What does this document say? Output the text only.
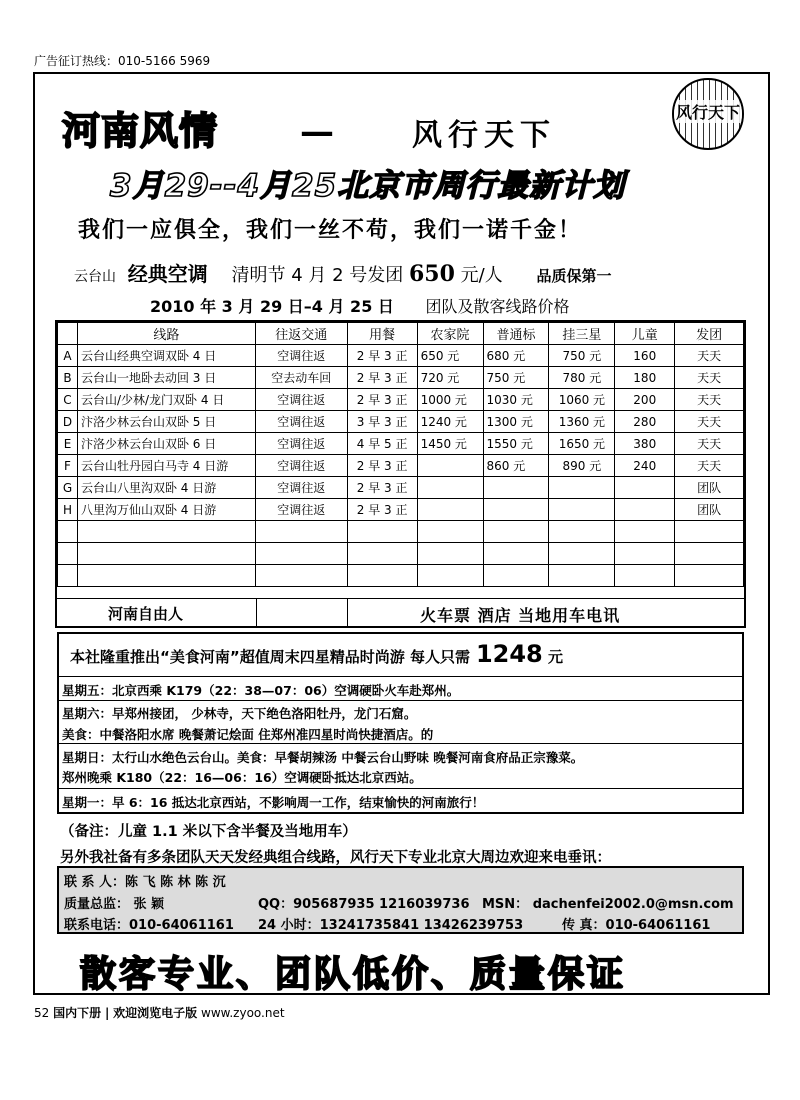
广告征订热线：010-5166 5969
河南风情 —	风行天下
风行天下
3月29--4月25北京市周行最新计划
我们一应俱全，我们一丝不苟，我们一诺千金！
云台山 经典空调 清明节 4 月 2 号发团 650 元/人 品质保第一
2010 年 3 月 29 日–4 月 25 日 团队及散客线路价格
	线路	往返交通	用餐	农家院	普通标	挂三星	儿童	发团
A	云台山经典空调双卧 4 日	空调往返	2 早 3 正	650 元	680 元	750 元	160	天天
B	云台山一地卧去动回 3 日	空去动车回	2 早 3 正	720 元	750 元	780 元	180	天天
C	云台山/少林/龙门双卧 4 日	空调往返	2 早 3 正	1000 元	1030 元	1060 元	200	天天
D	汴洛少林云台山双卧 5 日	空调往返	3 早 3 正	1240 元	1300 元	1360 元	280	天天
E	汴洛少林云台山双卧 6 日	空调往返	4 早 5 正	1450 元	1550 元	1650 元	380	天天
F	云台山牡丹园白马寺 4 日游	空调往返	2 早 3 正		860 元	890 元	240	天天
G	云台山八里沟双卧 4 日游	空调往返	2 早 3 正					团队
H	八里沟万仙山双卧 4 日游	空调往返	2 早 3 正					团队

河南自由人	火车票 酒店 当地用车电讯
本社隆重推出“美食河南”超值周末四星精品时尚游 每人只需 1248 元
星期五：北京西乘 K179（22：38—07：06）空调硬卧火车赴郑州。
星期六：早郑州接团， 少林寺，天下绝色洛阳牡丹，龙门石窟。
美食：中餐洛阳水席 晚餐萧记烩面 住郑州准四星时尚快捷酒店。的
星期日：太行山水绝色云台山。美食：早餐胡辣汤 中餐云台山野味 晚餐河南食府品正宗豫菜。
郑州晚乘 K180（22：16—06：16）空调硬卧抵达北京西站。
星期一：早 6：16 抵达北京西站，不影响周一工作，结束愉快的河南旅行！
（备注：儿童 1.1 米以下含半餐及当地用车）
另外我社备有多条团队天天发经典组合线路，风行天下专业北京大周边欢迎来电垂讯：
联 系 人：陈 飞 陈 林 陈 沉
质量总监： 张 颖	QQ：905687935 1216039736 MSN： dachenfei2002.0@msn.com
联系电话：010-64061161 24 小时：13241735841 13426239753	传 真：010-64061161
散客专业、团队低价、质量保证
52 国内下册 | 欢迎浏览电子版 www.zyoo.net
